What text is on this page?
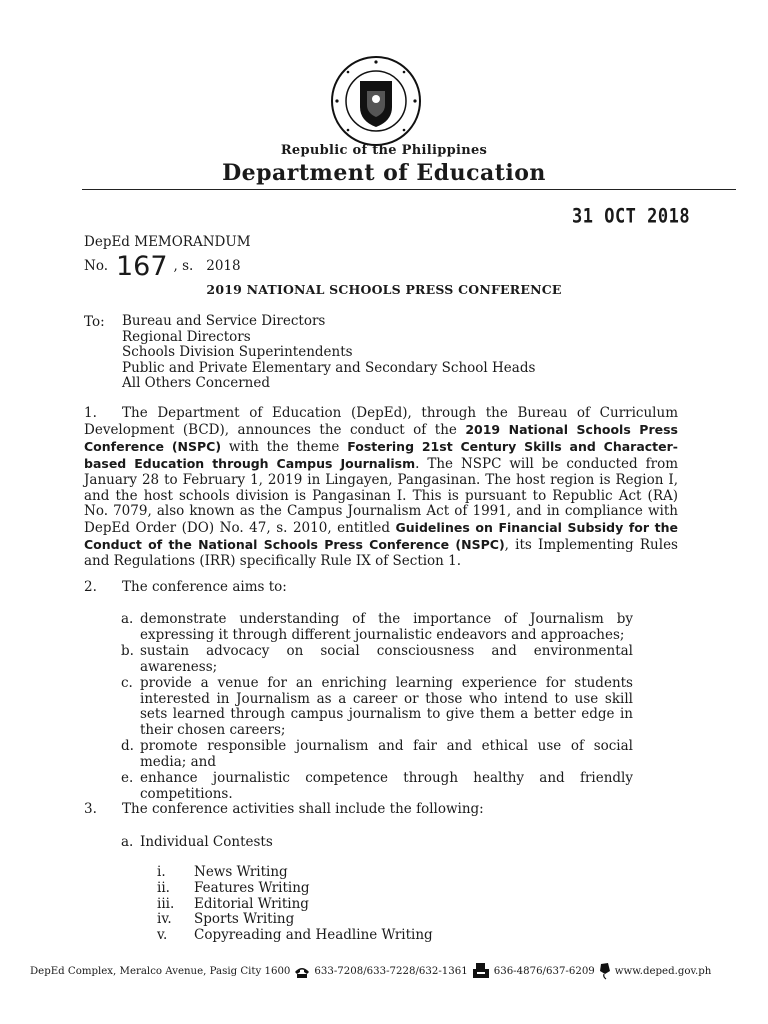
Republic of the Philippines
Department of Education
31 OCT 2018
DepEd MEMORANDUM
No. 167 , s. 2018
2019 NATIONAL SCHOOLS PRESS CONFERENCE
To: Bureau and Service Directors
Regional Directors
Schools Division Superintendents
Public and Private Elementary and Secondary School Heads
All Others Concerned

1. The Department of Education (DepEd), through the Bureau of Curriculum Development (BCD), announces the conduct of the 2019 National Schools Press Conference (NSPC) with the theme Fostering 21st Century Skills and Character-based Education through Campus Journalism. The NSPC will be conducted from January 28 to February 1, 2019 in Lingayen, Pangasinan. The host region is Region I, and the host schools division is Pangasinan I. This is pursuant to Republic Act (RA) No. 7079, also known as the Campus Journalism Act of 1991, and in compliance with DepEd Order (DO) No. 47, s. 2010, entitled Guidelines on Financial Subsidy for the Conduct of the National Schools Press Conference (NSPC), its Implementing Rules and Regulations (IRR) specifically Rule IX of Section 1.

2. The conference aims to:

a. demonstrate understanding of the importance of Journalism by expressing it through different journalistic endeavors and approaches;
b. sustain advocacy on social consciousness and environmental awareness;
c. provide a venue for an enriching learning experience for students interested in Journalism as a career or those who intend to use skill sets learned through campus journalism to give them a better edge in their chosen careers;
d. promote responsible journalism and fair and ethical use of social media; and
e. enhance journalistic competence through healthy and friendly competitions.

3. The conference activities shall include the following:

a. Individual Contests
i.	News Writing
ii.	Features Writing
iii.	Editorial Writing
iv.	Sports Writing
v.	Copyreading and Headline Writing
DepEd Complex, Meralco Avenue, Pasig City 1600 633-7208/633-7228/632-1361	636-4876/637-6209 www.deped.gov.ph
